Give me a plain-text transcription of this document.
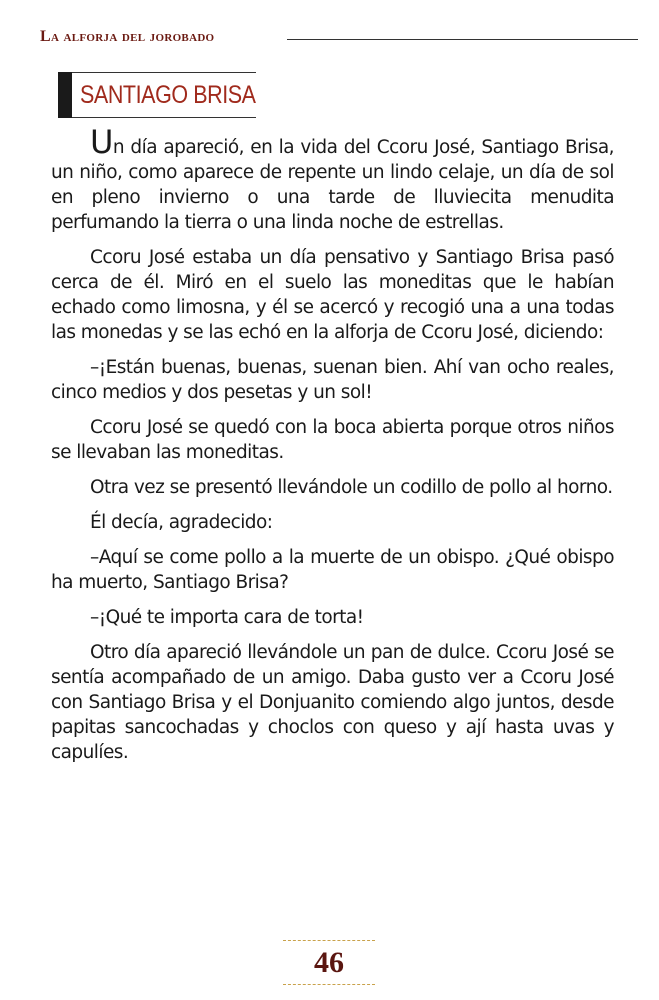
La alforja del jorobado
SANTIAGO BRISA

Un día apareció, en la vida del Ccoru José, Santiago Brisa, un niño, como aparece de repente un lindo celaje, un día de sol en pleno invierno o una tarde de lluviecita menudita perfumando la tierra o una linda noche de estrellas.

Ccoru José estaba un día pensativo y Santiago Brisa pasó cerca de él. Miró en el suelo las moneditas que le habían echado como limosna, y él se acercó y recogió una a una todas las monedas y se las echó en la alforja de Ccoru José, diciendo:

–¡Están buenas, buenas, suenan bien. Ahí van ocho reales, cinco medios y dos pesetas y un sol!

Ccoru José se quedó con la boca abierta porque otros niños se llevaban las moneditas.

Otra vez se presentó llevándole un codillo de pollo al horno.

Él decía, agradecido:

–Aquí se come pollo a la muerte de un obispo. ¿Qué obispo ha muerto, Santiago Brisa?

–¡Qué te importa cara de torta!

Otro día apareció llevándole un pan de dulce. Ccoru José se sentía acompañado de un amigo. Daba gusto ver a Ccoru José con Santiago Brisa y el Donjuanito comiendo algo juntos, desde papitas sancochadas y choclos con queso y ají hasta uvas y capulíes.

46
